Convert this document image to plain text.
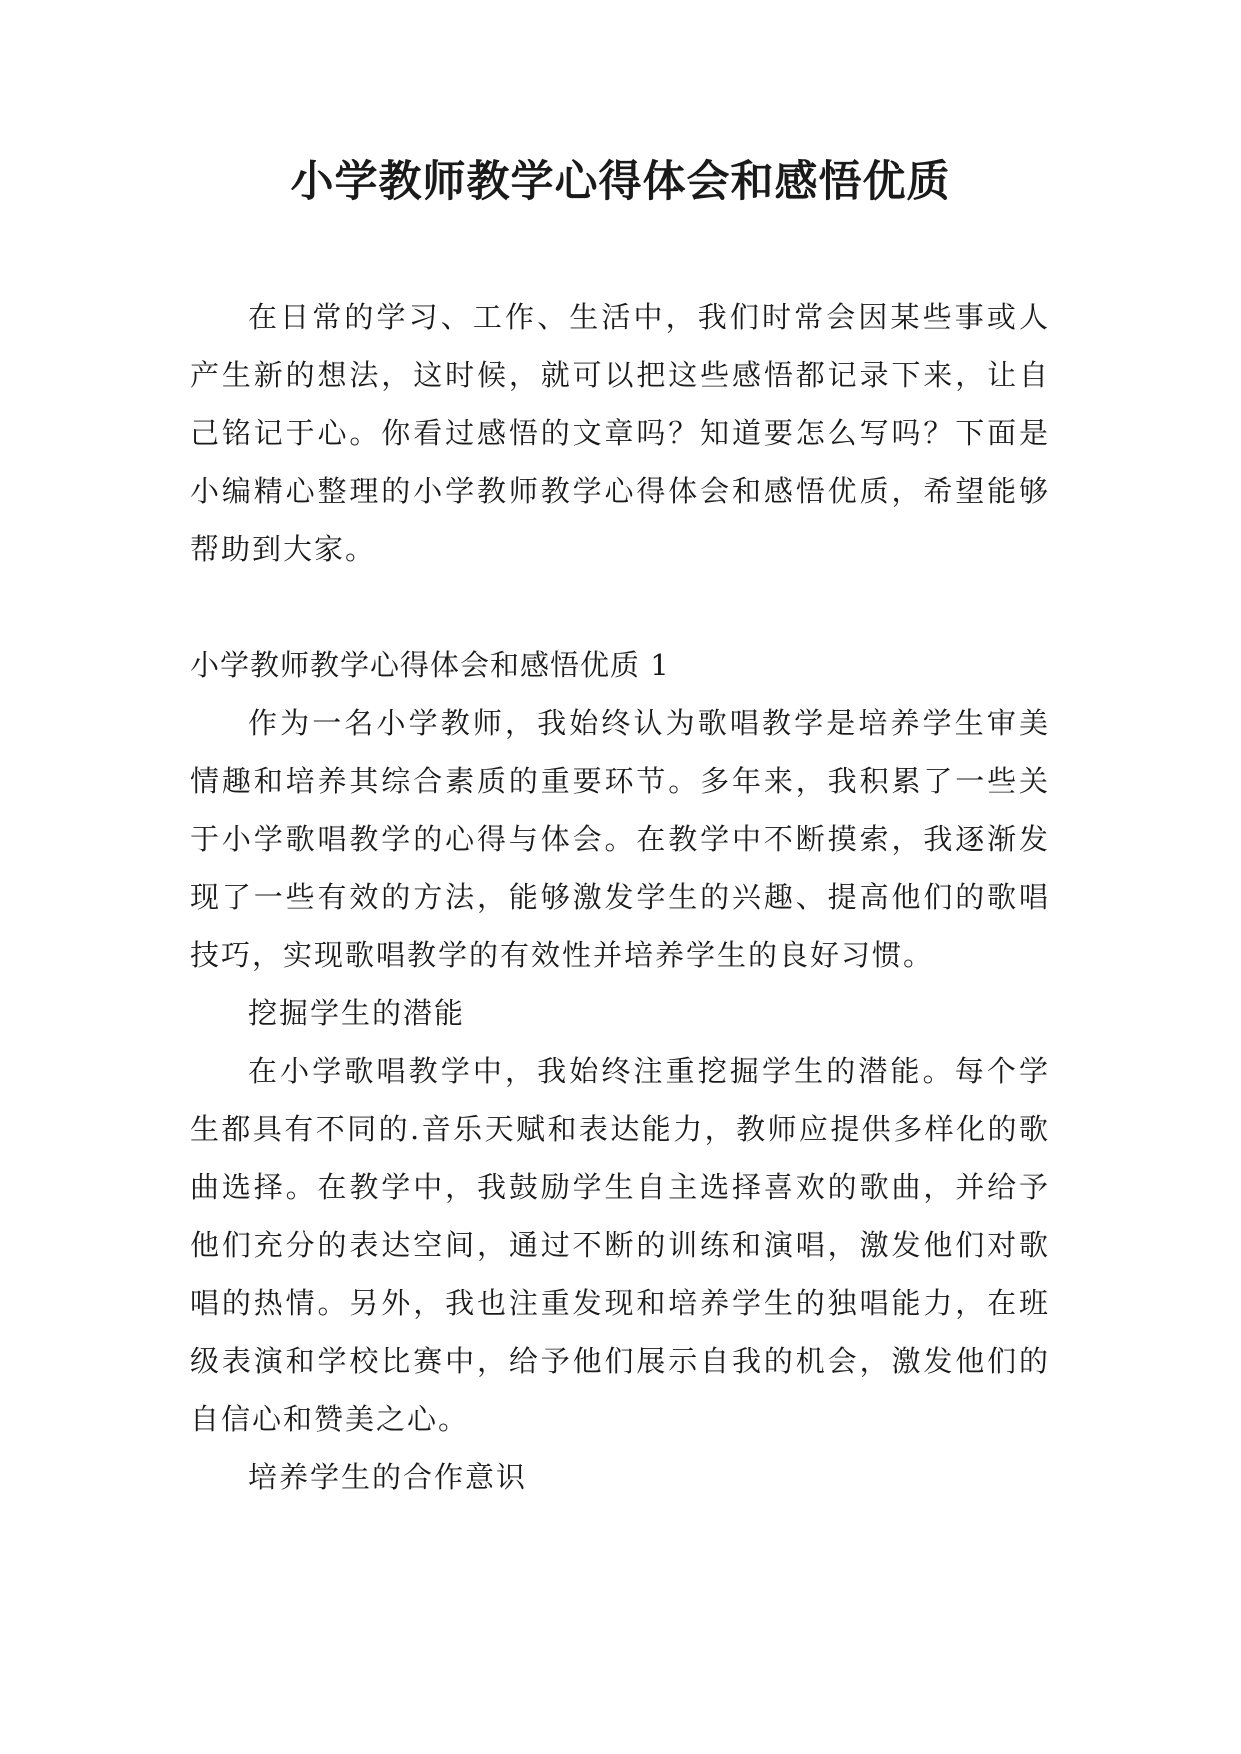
小学教师教学心得体会和感悟优质

在日常的学习、工作、生活中，我们时常会因某些事或人产生新的想法，这时候，就可以把这些感悟都记录下来，让自己铭记于心。你看过感悟的文章吗？知道要怎么写吗？下面是小编精心整理的小学教师教学心得体会和感悟优质，希望能够帮助到大家。

小学教师教学心得体会和感悟优质 1

作为一名小学教师，我始终认为歌唱教学是培养学生审美情趣和培养其综合素质的重要环节。多年来，我积累了一些关于小学歌唱教学的心得与体会。在教学中不断摸索，我逐渐发现了一些有效的方法，能够激发学生的兴趣、提高他们的歌唱技巧，实现歌唱教学的有效性并培养学生的良好习惯。

挖掘学生的潜能

在小学歌唱教学中，我始终注重挖掘学生的潜能。每个学生都具有不同的.音乐天赋和表达能力，教师应提供多样化的歌曲选择。在教学中，我鼓励学生自主选择喜欢的歌曲，并给予他们充分的表达空间，通过不断的训练和演唱，激发他们对歌唱的热情。另外，我也注重发现和培养学生的独唱能力，在班级表演和学校比赛中，给予他们展示自我的机会，激发他们的自信心和赞美之心。

培养学生的合作意识
